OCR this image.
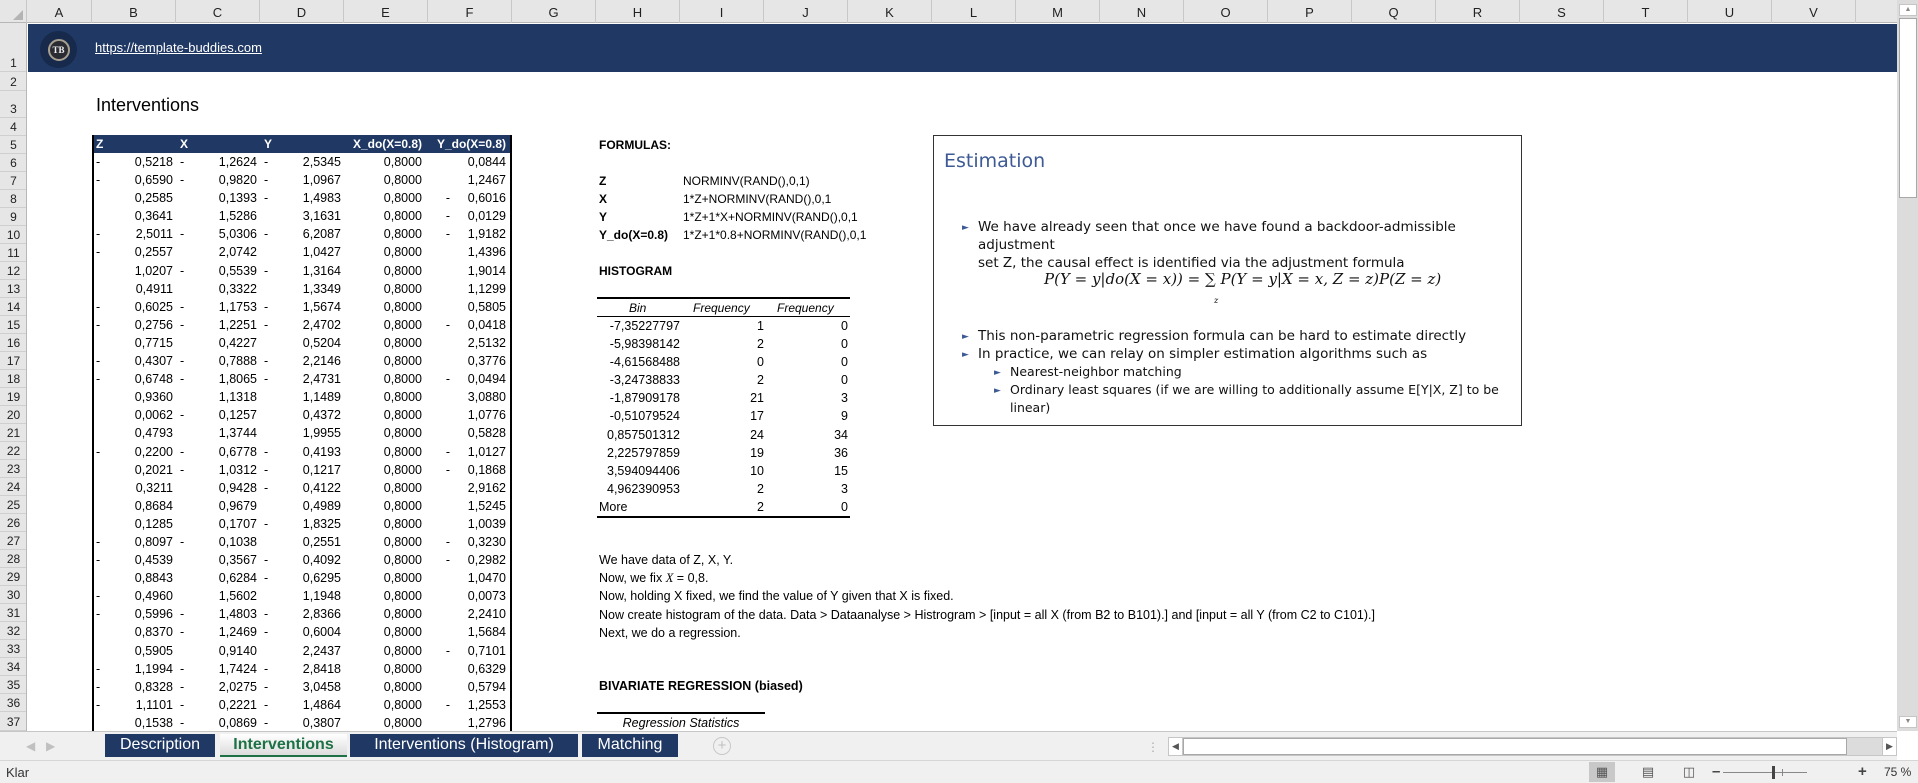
A	B	C	D	E	F	G	H	I	J	K	L	M	N	O	P	Q	R	S	T	U	V
1
2
3
4
5
6
7
8
9
10
11
12
13
14
15
16
17
18
19
20
21
22
23
24
25
26
27
28
29
30
31
32
33
34
35
36
37
TB	https://template-buddies.com
Interventions
Z	X	Y	X_do(X=0.8) Y_do(X=0.8)
-	0,5218 -	1,2624 -	2,5345	0,8000	0,0844
-	0,6590 -	0,9820 -	1,0967	0,8000	1,2467
0,2585	0,1393 -	1,4983	0,8000 - 0,6016
0,3641	1,5286	3,1631	0,8000 - 0,0129
-	2,5011 -	5,0306 -	6,2087	0,8000 - 1,9182
-	0,2557	2,0742	1,0427	0,8000	1,4396
1,0207 -	0,5539 -	1,3164	0,8000	1,9014
0,4911	0,3322	1,3349	0,8000	1,1299
-	0,6025 -	1,1753 -	1,5674	0,8000	0,5805
-	0,2756 -	1,2251 -	2,4702	0,8000 - 0,0418
0,7715	0,4227	0,5204	0,8000	2,5132
-	0,4307 -	0,7888 -	2,2146	0,8000	0,3776
-	0,6748 -	1,8065 -	2,4731	0,8000 - 0,0494
0,9360	1,1318	1,1489	0,8000	3,0880
0,0062 -	0,1257	0,4372	0,8000	1,0776
0,4793	1,3744	1,9955	0,8000	0,5828
-	0,2200 -	0,6778 -	0,4193	0,8000 - 1,0127
0,2021 -	1,0312 -	0,1217	0,8000 - 0,1868
0,3211	0,9428 -	0,4122	0,8000	2,9162
0,8684	0,9679	0,4989	0,8000	1,5245
0,1285	0,1707 -	1,8325	0,8000	1,0039
-	0,8097 -	0,1038	0,2551	0,8000 - 0,3230
-	0,4539	0,3567 -	0,4092	0,8000 - 0,2982
0,8843	0,6284 -	0,6295	0,8000	1,0470
-	0,4960	1,5602	1,1948	0,8000	0,0073
-	0,5996 -	1,4803 -	2,8366	0,8000	2,2410
0,8370 -	1,2469 -	0,6004	0,8000	1,5684
0,5905	0,9140	2,2437	0,8000 - 0,7101
-	1,1994 -	1,7424 -	2,8418	0,8000	0,6329
-	0,8328 -	2,0275 -	3,0458	0,8000	0,5794
-	1,1101 -	0,2221 -	1,4864	0,8000 - 1,2553
0,1538 -	0,0869 -	0,3807	0,8000	1,2796
FORMULAS:
Z	NORMINV(RAND(),0,1)
X	1*Z+NORMINV(RAND(),0,1
Y	1*Z+1*X+NORMINV(RAND(),0,1
Y_do(X=0.8) 1*Z+1*0.8+NORMINV(RAND(),0,1
HISTOGRAM
Bin	Frequency Frequency
-7,35227797	1	0
-5,98398142	2	0
-4,61568488	0	0
-3,24738833	2	0
-1,87909178	21	3
-0,51079524	17	9
0,857501312	24	34
2,225797859	19	36
3,594094406	10	15
4,962390953	2	3
More	2	0
We have data of Z, X, Y.
Now, we fix X = 0,8.
Now, holding X fixed, we find the value of Y given that X is fixed.
Now create histogram of the data. Data > Dataanalyse > Histrogram > [input = all X (from B2 to B101).] and [input = all Y (from C2 to C101).]
Next, we do a regression.
BIVARIATE REGRESSION (biased)
Regression Statistics
Estimation
► We have already seen that once we have found a backdoor-admissible adjustment
set Z, the causal effect is identified via the adjustment formula
P(Y = y|do(X = x)) = ∑ P(Y = y|X = x, Z = z)P(Z = z)
z
► This non-parametric regression formula can be hard to estimate directly
► In practice, we can relay on simpler estimation algorithms such as
► Nearest-neighbor matching
► Ordinary least squares (if we are willing to additionally assume E[Y|X, Z] to be
linear)
▲
▼
◀ ▶	Description	Interventions	Interventions (Histogram)	Matching	+	⋮	◀	▶
Klar	▦	▤	◫	–	+ 75 %
